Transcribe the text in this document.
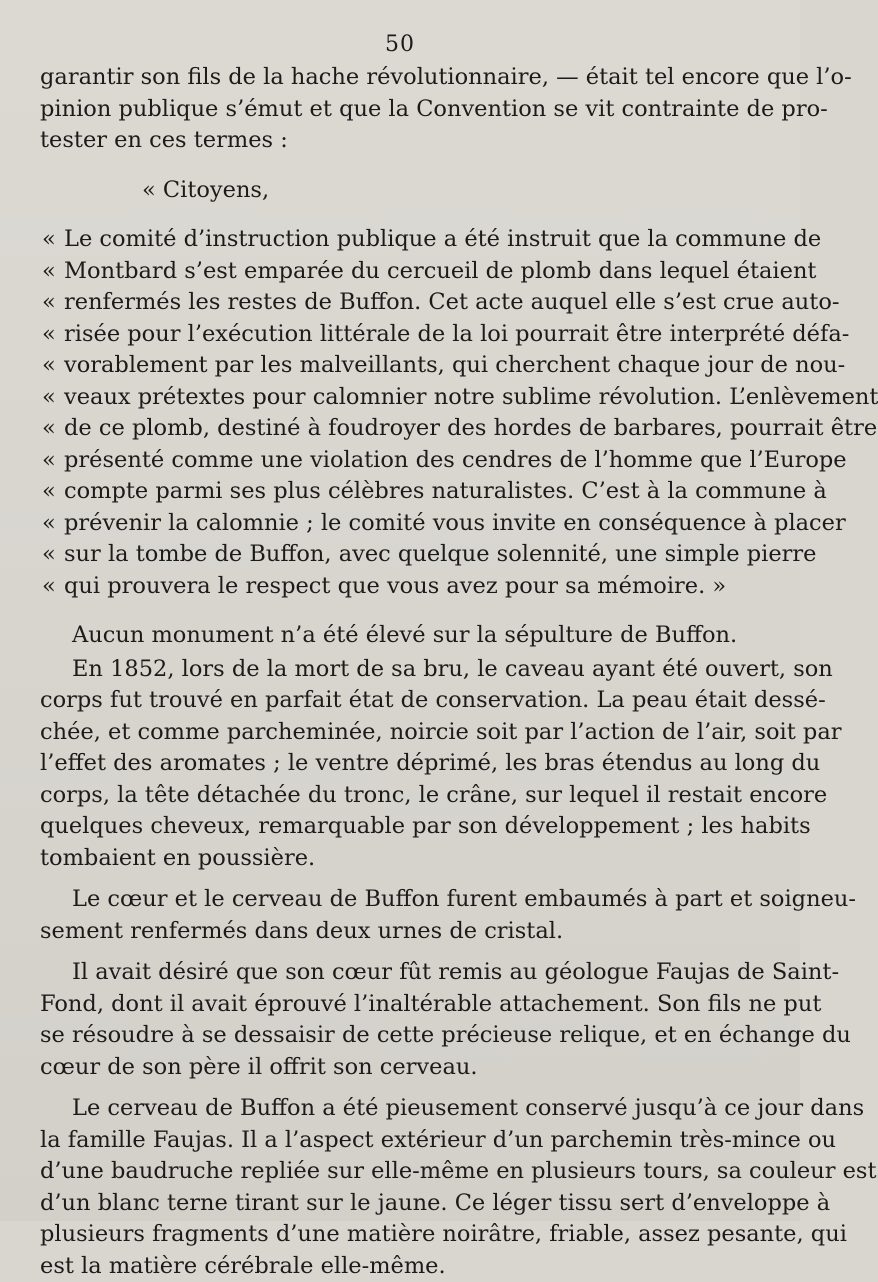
50
garantir son fils de la hache révolutionnaire, — était tel encore que l’o-
pinion publique s’émut et que la Convention se vit contrainte de pro-
tester en ces termes :
« Citoyens,
« Le comité d’instruction publique a été instruit que la commune de
« Montbard s’est emparée du cercueil de plomb dans lequel étaient
« renfermés les restes de Buffon. Cet acte auquel elle s’est crue auto-
« risée pour l’exécution littérale de la loi pourrait être interprété défa-
« vorablement par les malveillants, qui cherchent chaque jour de nou-
« veaux prétextes pour calomnier notre sublime révolution. L’enlèvement
« de ce plomb, destiné à foudroyer des hordes de barbares, pourrait être
« présenté comme une violation des cendres de l’homme que l’Europe
« compte parmi ses plus célèbres naturalistes. C’est à la commune à
« prévenir la calomnie ; le comité vous invite en conséquence à placer
« sur la tombe de Buffon, avec quelque solennité, une simple pierre
« qui prouvera le respect que vous avez pour sa mémoire. »
Aucun monument n’a été élevé sur la sépulture de Buffon.
En 1852, lors de la mort de sa bru, le caveau ayant été ouvert, son
corps fut trouvé en parfait état de conservation. La peau était dessé-
chée, et comme parcheminée, noircie soit par l’action de l’air, soit par
l’effet des aromates ; le ventre déprimé, les bras étendus au long du
corps, la tête détachée du tronc, le crâne, sur lequel il restait encore
quelques cheveux, remarquable par son développement ; les habits
tombaient en poussière.
Le cœur et le cerveau de Buffon furent embaumés à part et soigneu-
sement renfermés dans deux urnes de cristal.
Il avait désiré que son cœur fût remis au géologue Faujas de Saint-
Fond, dont il avait éprouvé l’inaltérable attachement. Son fils ne put
se résoudre à se dessaisir de cette précieuse relique, et en échange du
cœur de son père il offrit son cerveau.
Le cerveau de Buffon a été pieusement conservé jusqu’à ce jour dans
la famille Faujas. Il a l’aspect extérieur d’un parchemin très-mince ou
d’une baudruche repliée sur elle-même en plusieurs tours, sa couleur est
d’un blanc terne tirant sur le jaune. Ce léger tissu sert d’enveloppe à
plusieurs fragments d’une matière noirâtre, friable, assez pesante, qui
est la matière cérébrale elle-même.
